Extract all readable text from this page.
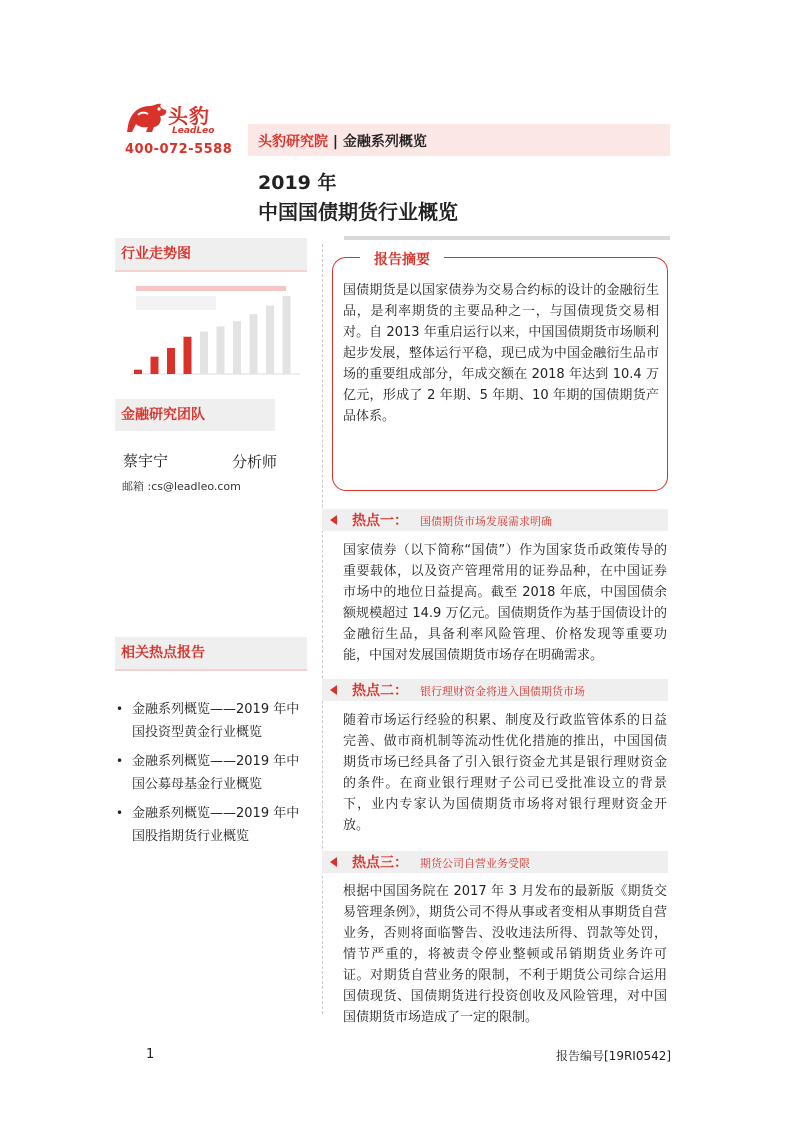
头豹
LeadLeo
400-072-5588 头豹研究院 | 金融系列概览
2019 年
中国国债期货行业概览
行业走势图
金融研究团队
蔡宇宁	分析师
邮箱 :cs@leadleo.com
相关热点报告
• 金融系列概览——2019 年中国投资型黄金行业概览
• 金融系列概览——2019 年中国公募母基金行业概览
• 金融系列概览——2019 年中国股指期货行业概览
报告摘要
国债期货是以国家债券为交易合约标的设计的金融衍生品，是利率期货的主要品种之一，与国债现货交易相对。自 2013 年重启运行以来，中国国债期货市场顺利起步发展，整体运行平稳，现已成为中国金融衍生品市场的重要组成部分，年成交额在 2018 年达到 10.4 万亿元，形成了 2 年期、5 年期、10 年期的国债期货产品体系。
热点一： 国债期货市场发展需求明确
国家债券（以下简称“国债”）作为国家货币政策传导的重要载体，以及资产管理常用的证券品种，在中国证券市场中的地位日益提高。截至 2018 年底，中国国债余额规模超过 14.9 万亿元。国债期货作为基于国债设计的金融衍生品，具备利率风险管理、价格发现等重要功能，中国对发展国债期货市场存在明确需求。
热点二： 银行理财资金将进入国债期货市场
随着市场运行经验的积累、制度及行政监管体系的日益完善、做市商机制等流动性优化措施的推出，中国国债期货市场已经具备了引入银行资金尤其是银行理财资金的条件。在商业银行理财子公司已受批准设立的背景下，业内专家认为国债期货市场将对银行理财资金开放。
热点三： 期货公司自营业务受限
根据中国国务院在 2017 年 3 月发布的最新版《期货交易管理条例》，期货公司不得从事或者变相从事期货自营业务，否则将面临警告、没收违法所得、罚款等处罚，情节严重的，将被责令停业整顿或吊销期货业务许可证。对期货自营业务的限制，不利于期货公司综合运用国债现货、国债期货进行投资创收及风险管理，对中国国债期货市场造成了一定的限制。
1	报告编号[19RI0542]
